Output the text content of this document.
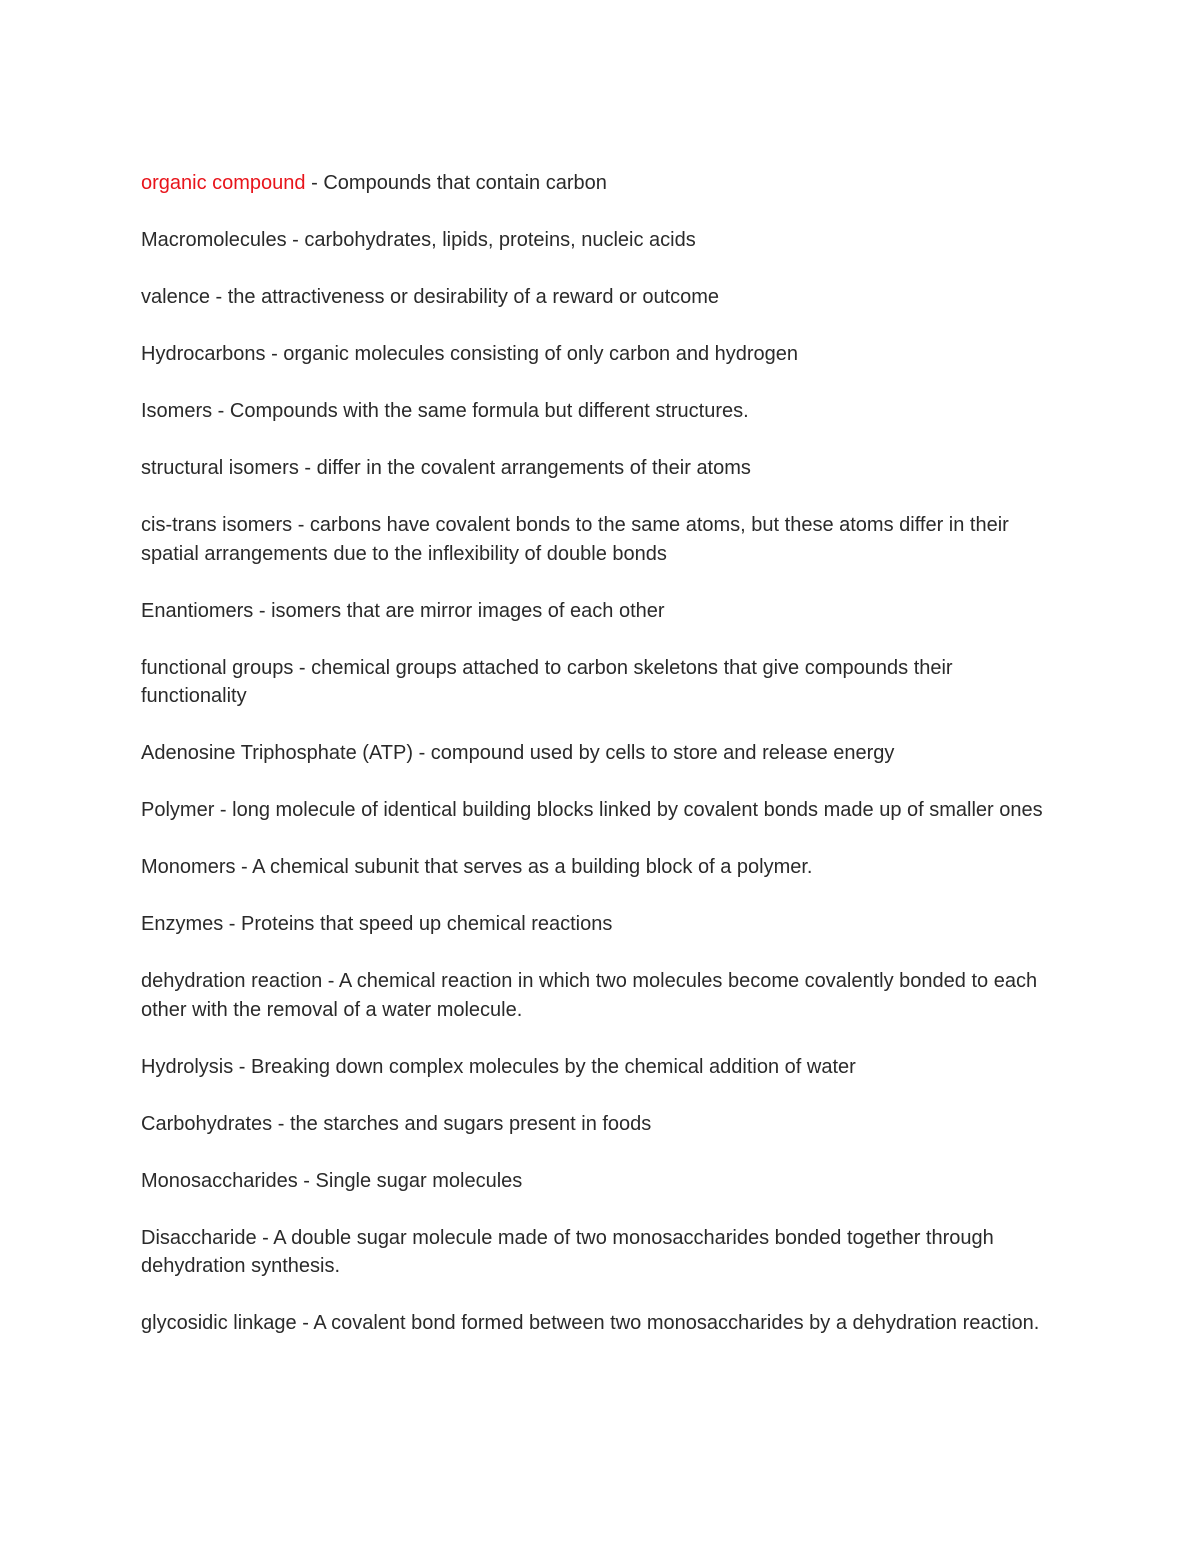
organic compound - Compounds that contain carbon

Macromolecules - carbohydrates, lipids, proteins, nucleic acids

valence - the attractiveness or desirability of a reward or outcome

Hydrocarbons - organic molecules consisting of only carbon and hydrogen

Isomers - Compounds with the same formula but different structures.

structural isomers - differ in the covalent arrangements of their atoms

cis-trans isomers - carbons have covalent bonds to the same atoms, but these atoms differ in their spatial arrangements due to the inflexibility of double bonds

Enantiomers - isomers that are mirror images of each other

functional groups - chemical groups attached to carbon skeletons that give compounds their functionality

Adenosine Triphosphate (ATP) - compound used by cells to store and release energy

Polymer - long molecule of identical building blocks linked by covalent bonds made up of smaller ones

Monomers - A chemical subunit that serves as a building block of a polymer.

Enzymes - Proteins that speed up chemical reactions

dehydration reaction - A chemical reaction in which two molecules become covalently bonded to each other with the removal of a water molecule.

Hydrolysis - Breaking down complex molecules by the chemical addition of water

Carbohydrates - the starches and sugars present in foods

Monosaccharides - Single sugar molecules

Disaccharide - A double sugar molecule made of two monosaccharides bonded together through dehydration synthesis.

glycosidic linkage - A covalent bond formed between two monosaccharides by a dehydration reaction.
